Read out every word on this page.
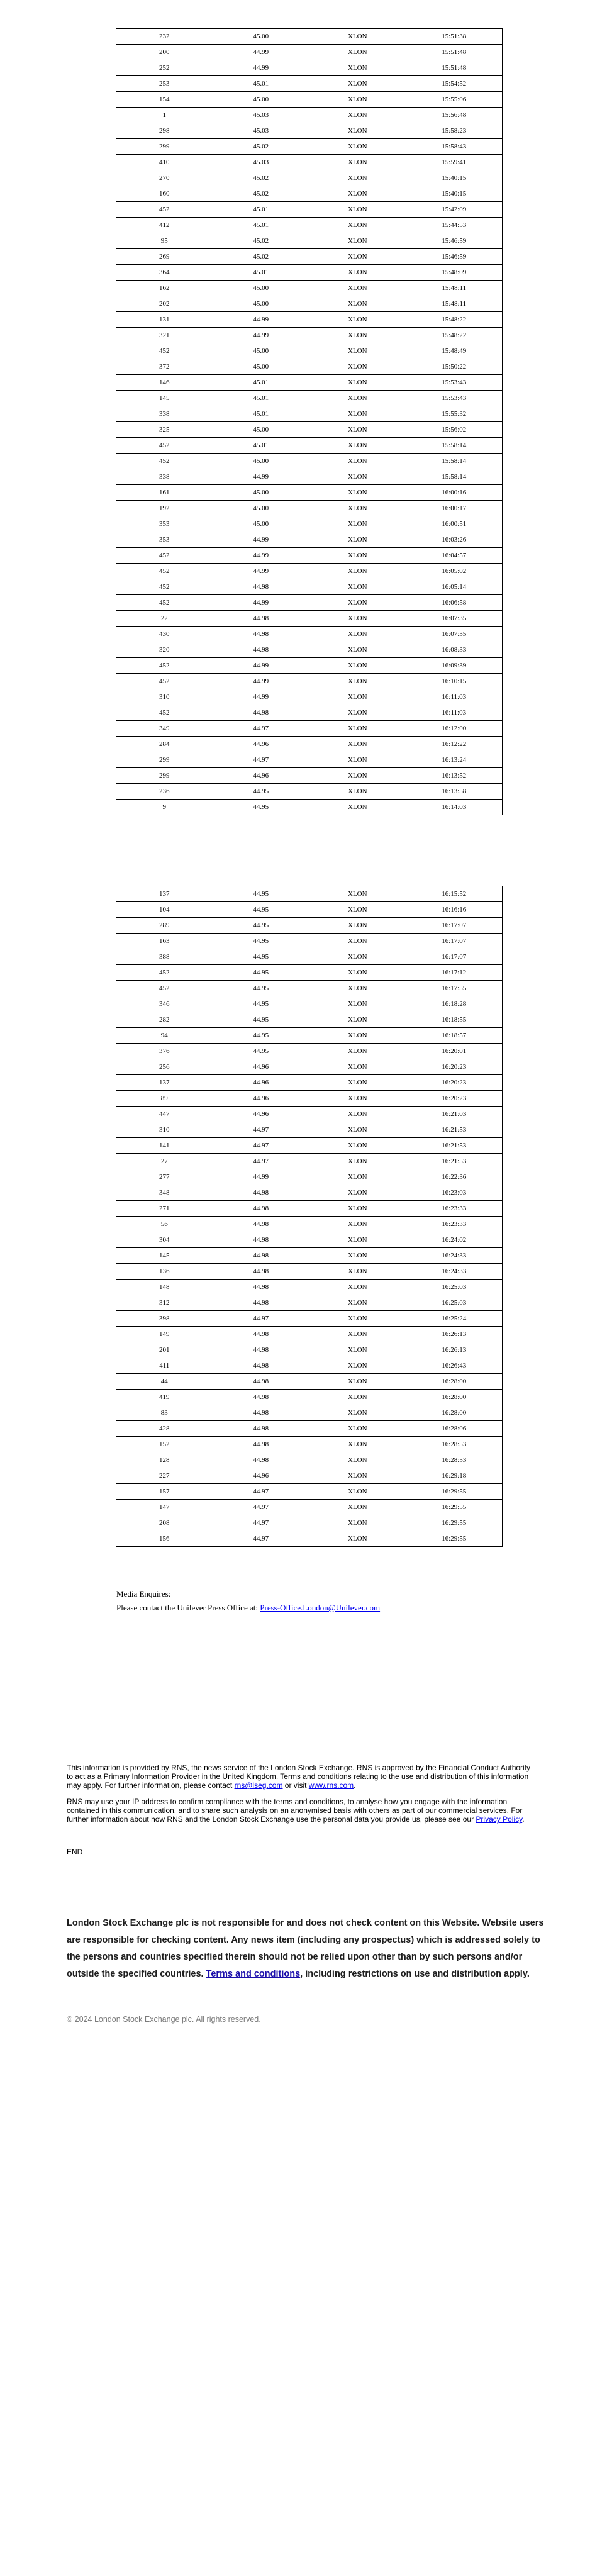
232	45.00	XLON	15:51:38
200	44.99	XLON	15:51:48
252	44.99	XLON	15:51:48
253	45.01	XLON	15:54:52
154	45.00	XLON	15:55:06
1	45.03	XLON	15:56:48
298	45.03	XLON	15:58:23
299	45.02	XLON	15:58:43
410	45.03	XLON	15:59:41
270	45.02	XLON	15:40:15
160	45.02	XLON	15:40:15
452	45.01	XLON	15:42:09
412	45.01	XLON	15:44:53
95	45.02	XLON	15:46:59
269	45.02	XLON	15:46:59
364	45.01	XLON	15:48:09
162	45.00	XLON	15:48:11
202	45.00	XLON	15:48:11
131	44.99	XLON	15:48:22
321	44.99	XLON	15:48:22
452	45.00	XLON	15:48:49
372	45.00	XLON	15:50:22
146	45.01	XLON	15:53:43
145	45.01	XLON	15:53:43
338	45.01	XLON	15:55:32
325	45.00	XLON	15:56:02
452	45.01	XLON	15:58:14
452	45.00	XLON	15:58:14
338	44.99	XLON	15:58:14
161	45.00	XLON	16:00:16
192	45.00	XLON	16:00:17
353	45.00	XLON	16:00:51
353	44.99	XLON	16:03:26
452	44.99	XLON	16:04:57
452	44.99	XLON	16:05:02
452	44.98	XLON	16:05:14
452	44.99	XLON	16:06:58
22	44.98	XLON	16:07:35
430	44.98	XLON	16:07:35
320	44.98	XLON	16:08:33
452	44.99	XLON	16:09:39
452	44.99	XLON	16:10:15
310	44.99	XLON	16:11:03
452	44.98	XLON	16:11:03
349	44.97	XLON	16:12:00
284	44.96	XLON	16:12:22
299	44.97	XLON	16:13:24
299	44.96	XLON	16:13:52
236	44.95	XLON	16:13:58
9	44.95	XLON	16:14:03
137	44.95	XLON	16:15:52
104	44.95	XLON	16:16:16
289	44.95	XLON	16:17:07
163	44.95	XLON	16:17:07
388	44.95	XLON	16:17:07
452	44.95	XLON	16:17:12
452	44.95	XLON	16:17:55
346	44.95	XLON	16:18:28
282	44.95	XLON	16:18:55
94	44.95	XLON	16:18:57
376	44.95	XLON	16:20:01
256	44.96	XLON	16:20:23
137	44.96	XLON	16:20:23
89	44.96	XLON	16:20:23
447	44.96	XLON	16:21:03
310	44.97	XLON	16:21:53
141	44.97	XLON	16:21:53
27	44.97	XLON	16:21:53
277	44.99	XLON	16:22:36
348	44.98	XLON	16:23:03
271	44.98	XLON	16:23:33
56	44.98	XLON	16:23:33
304	44.98	XLON	16:24:02
145	44.98	XLON	16:24:33
136	44.98	XLON	16:24:33
148	44.98	XLON	16:25:03
312	44.98	XLON	16:25:03
398	44.97	XLON	16:25:24
149	44.98	XLON	16:26:13
201	44.98	XLON	16:26:13
411	44.98	XLON	16:26:43
44	44.98	XLON	16:28:00
419	44.98	XLON	16:28:00
83	44.98	XLON	16:28:00
428	44.98	XLON	16:28:06
152	44.98	XLON	16:28:53
128	44.98	XLON	16:28:53
227	44.96	XLON	16:29:18
157	44.97	XLON	16:29:55
147	44.97	XLON	16:29:55
208	44.97	XLON	16:29:55
156	44.97	XLON	16:29:55
Media Enquires:
Please contact the Unilever Press Office at: Press-Office.London@Unilever.com

This information is provided by RNS, the news service of the London Stock Exchange. RNS is approved by the Financial Conduct Authority to act as a Primary Information Provider in the United Kingdom. Terms and conditions relating to the use and distribution of this information may apply. For further information, please contact rns@lseg.com or visit www.rns.com.

RNS may use your IP address to confirm compliance with the terms and conditions, to analyse how you engage with the information contained in this communication, and to share such analysis on an anonymised basis with others as part of our commercial services. For further information about how RNS and the London Stock Exchange use the personal data you provide us, please see our Privacy Policy.

END
London Stock Exchange plc is not responsible for and does not check content on this Website. Website users are responsible for checking content. Any news item (including any prospectus) which is addressed solely to the persons and countries specified therein should not be relied upon other than by such persons and/or outside the specified countries. Terms and conditions, including restrictions on use and distribution apply.
© 2024 London Stock Exchange plc. All rights reserved.
